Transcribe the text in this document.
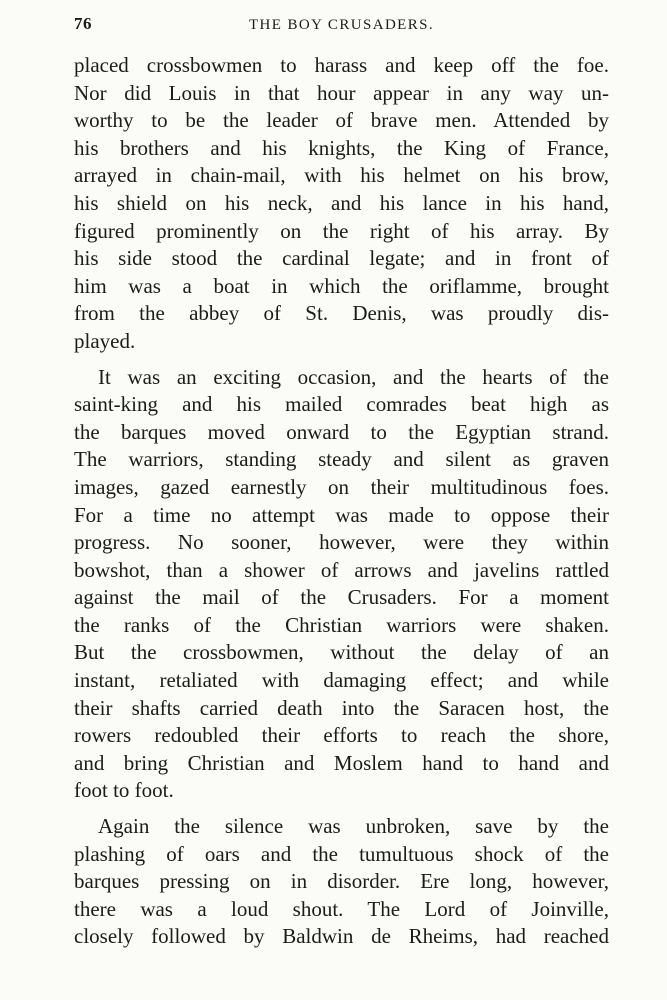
76	THE BOY CRUSADERS.

placed crossbowmen to harass and keep off the foe.
Nor did Louis in that hour appear in any way un-
worthy to be the leader of brave men. Attended by
his brothers and his knights, the King of France,
arrayed in chain-mail, with his helmet on his brow,
his shield on his neck, and his lance in his hand,
figured prominently on the right of his array. By
his side stood the cardinal legate; and in front of
him was a boat in which the oriflamme, brought
from the abbey of St. Denis, was proudly dis-
played.

It was an exciting occasion, and the hearts of the
saint-king and his mailed comrades beat high as
the barques moved onward to the Egyptian strand.
The warriors, standing steady and silent as graven
images, gazed earnestly on their multitudinous foes.
For a time no attempt was made to oppose their
progress. No sooner, however, were they within
bowshot, than a shower of arrows and javelins rattled
against the mail of the Crusaders. For a moment
the ranks of the Christian warriors were shaken.
But the crossbowmen, without the delay of an
instant, retaliated with damaging effect; and while
their shafts carried death into the Saracen host, the
rowers redoubled their efforts to reach the shore,
and bring Christian and Moslem hand to hand and
foot to foot.

Again the silence was unbroken, save by the
plashing of oars and the tumultuous shock of the
barques pressing on in disorder. Ere long, however,
there was a loud shout. The Lord of Joinville,
closely followed by Baldwin de Rheims, had reached
